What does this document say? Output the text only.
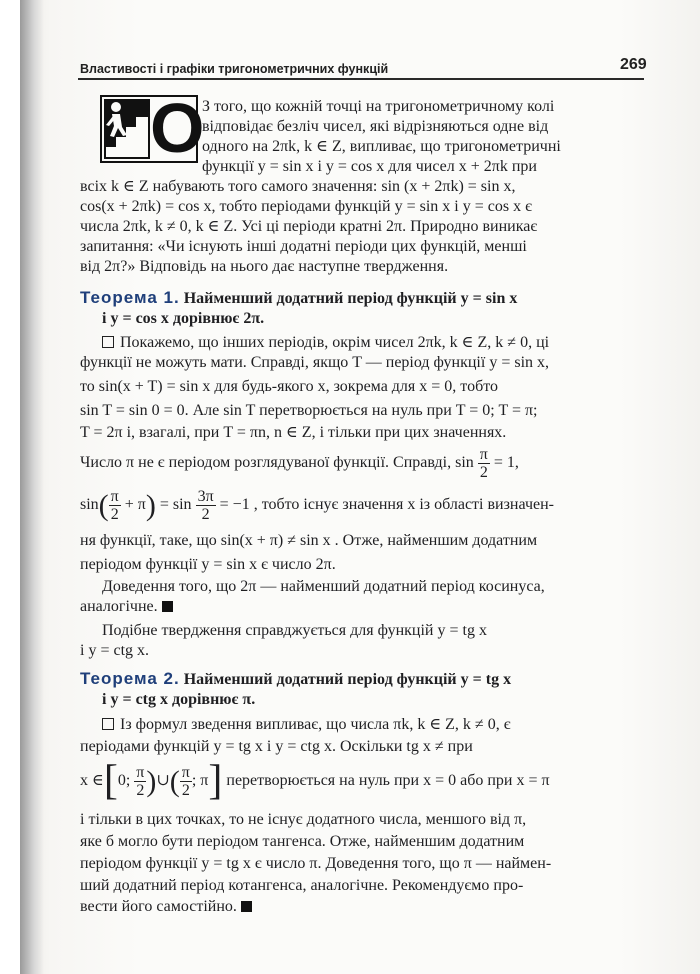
Властивості і графіки тригонометричних функцій	269
О
З того, що кожній точці на тригонометричному колі
відповідає безліч чисел, які відрізняються одне від
одного на 2πk, k ∈ Z, випливає, що тригонометричні
функції y = sin x і y = cos x для чисел x + 2πk при
всіх k ∈ Z набувають того самого значення: sin (x + 2πk) = sin x,
cos(x + 2πk) = cos x, тобто періодами функцій y = sin x і y = cos x є
числа 2πk, k ≠ 0, k ∈ Z. Усі ці періоди кратні 2π. Природно виникає
запитання: «Чи існують інші додатні періоди цих функцій, менші
від 2π?» Відповідь на нього дає наступне твердження.
Теорема 1. Найменший додатний період функцій y = sin x
і y = cos x дорівнює 2π.
Покажемо, що інших періодів, окрім чисел 2πk, k ∈ Z, k ≠ 0, ці
функції не можуть мати. Справді, якщо T — період функції y = sin x,
то sin(x + T) = sin x для будь-якого x, зокрема для x = 0, тобто
sin T = sin 0 = 0. Але sin T перетворюється на нуль при T = 0; T = π;
T = 2π і, взагалі, при T = πn, n ∈ Z, і тільки при цих значеннях.
Число π не є періодом розглядуваної функції. Справді, $\sin \frac{\pi}{2} = 1$,
$\sin( \frac{\pi}{2} + \pi) = \sin \frac{3\pi}{2} = -1$ , тобто існує значення x із області визначен-
ня функції, таке, що sin(x + π) ≠ sin x . Отже, найменшим додатним
періодом функції y = sin x є число 2π.
Доведення того, що 2π — найменший додатний період косинуса,
аналогічне.
Подібне твердження справджується для функцій y = tg x
і y = ctg x.
Теорема 2. Найменший додатний період функцій y = tg x
і y = ctg x дорівнює π.
Із формул зведення випливає, що числа πk, k ∈ Z, k ≠ 0, є
періодами функцій y = tg x і y = ctg x. Оскільки tg x ≠ при
x ∈[0; $\frac{\pi}{2}$ )∪( $\frac{\pi}{2}$ ; π] перетворюється на нуль при x = 0 або при x = π
і тільки в цих точках, то не існує додатного числа, меншого від π,
яке б могло бути періодом тангенса. Отже, найменшим додатним
періодом функції y = tg x є число π. Доведення того, що π — наймен-
ший додатний період котангенса, аналогічне. Рекомендуємо про-
вести його самостійно.
